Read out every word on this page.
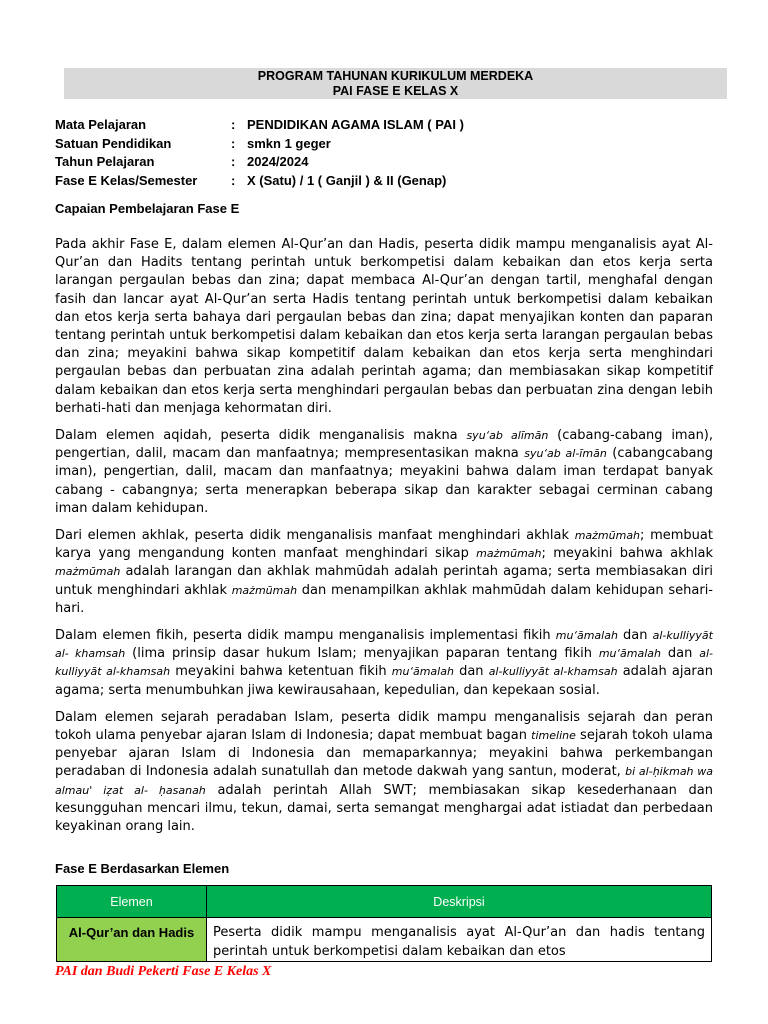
PROGRAM TAHUNAN KURIKULUM MERDEKA
PAI FASE E KELAS X
Mata Pelajaran	: PENDIDIKAN AGAMA ISLAM ( PAI )
Satuan Pendidikan	: smkn 1 geger
Tahun Pelajaran	: 2024/2024
Fase E Kelas/Semester	: X (Satu) / 1 ( Ganjil ) & II (Genap)
Capaian Pembelajaran Fase E

Pada akhir Fase E, dalam elemen Al-Qur’an dan Hadis, peserta didik mampu menganalisis ayat Al- Qur’an dan Hadits tentang perintah untuk berkompetisi dalam kebaikan dan etos kerja serta larangan pergaulan bebas dan zina; dapat membaca Al-Qur’an dengan tartil, menghafal dengan fasih dan lancar ayat Al-Qur’an serta Hadis tentang perintah untuk berkompetisi dalam kebaikan dan etos kerja serta bahaya dari pergaulan bebas dan zina; dapat menyajikan konten dan paparan tentang perintah untuk berkompetisi dalam kebaikan dan etos kerja serta larangan pergaulan bebas dan zina; meyakini bahwa sikap kompetitif dalam kebaikan dan etos kerja serta menghindari pergaulan bebas dan perbuatan zina adalah perintah agama; dan membiasakan sikap kompetitif dalam kebaikan dan etos kerja serta menghindari pergaulan bebas dan perbuatan zina dengan lebih berhati-hati dan menjaga kehormatan diri.

Dalam elemen aqidah, peserta didik menganalisis makna syu‘ab alīmān (cabang-cabang iman), pengertian, dalil, macam dan manfaatnya; mempresentasikan makna syu‘ab al-īmān (cabangcabang iman), pengertian, dalil, macam dan manfaatnya; meyakini bahwa dalam iman terdapat banyak cabang - cabangnya; serta menerapkan beberapa sikap dan karakter sebagai cerminan cabang iman dalam kehidupan.

Dari elemen akhlak, peserta didik menganalisis manfaat menghindari akhlak mażmūmah; membuat karya yang mengandung konten manfaat menghindari sikap mażmūmah; meyakini bahwa akhlak mażmūmah adalah larangan dan akhlak mahmūdah adalah perintah agama; serta membiasakan diri untuk menghindari akhlak mażmūmah dan menampilkan akhlak mahmūdah dalam kehidupan sehari- hari.

Dalam elemen fikih, peserta didik mampu menganalisis implementasi fikih mu‘āmalah dan al-kulliyyāt al- khamsah (lima prinsip dasar hukum Islam; menyajikan paparan tentang fikih mu‘āmalah dan al-kulliyyāt al-khamsah meyakini bahwa ketentuan fikih mu‘āmalah dan al-kulliyyāt al-khamsah adalah ajaran agama; serta menumbuhkan jiwa kewirausahaan, kepedulian, dan kepekaan sosial.

Dalam elemen sejarah peradaban Islam, peserta didik mampu menganalisis sejarah dan peran tokoh ulama penyebar ajaran Islam di Indonesia; dapat membuat bagan timeline sejarah tokoh ulama penyebar ajaran Islam di Indonesia dan memaparkannya; meyakini bahwa perkembangan peradaban di Indonesia adalah sunatullah dan metode dakwah yang santun, moderat, bi al-ḥikmah wa almau' iẓat al- ḥasanah adalah perintah Allah SWT; membiasakan sikap kesederhanaan dan kesungguhan mencari ilmu, tekun, damai, serta semangat menghargai adat istiadat dan perbedaan keyakinan orang lain.

Fase E Berdasarkan Elemen
Elemen	Deskripsi
Al-Qur’an dan Hadis	Peserta didik mampu menganalisis ayat Al-Qur’an dan hadis tentang perintah untuk berkompetisi dalam kebaikan dan etos
PAI dan Budi Pekerti Fase E Kelas X
